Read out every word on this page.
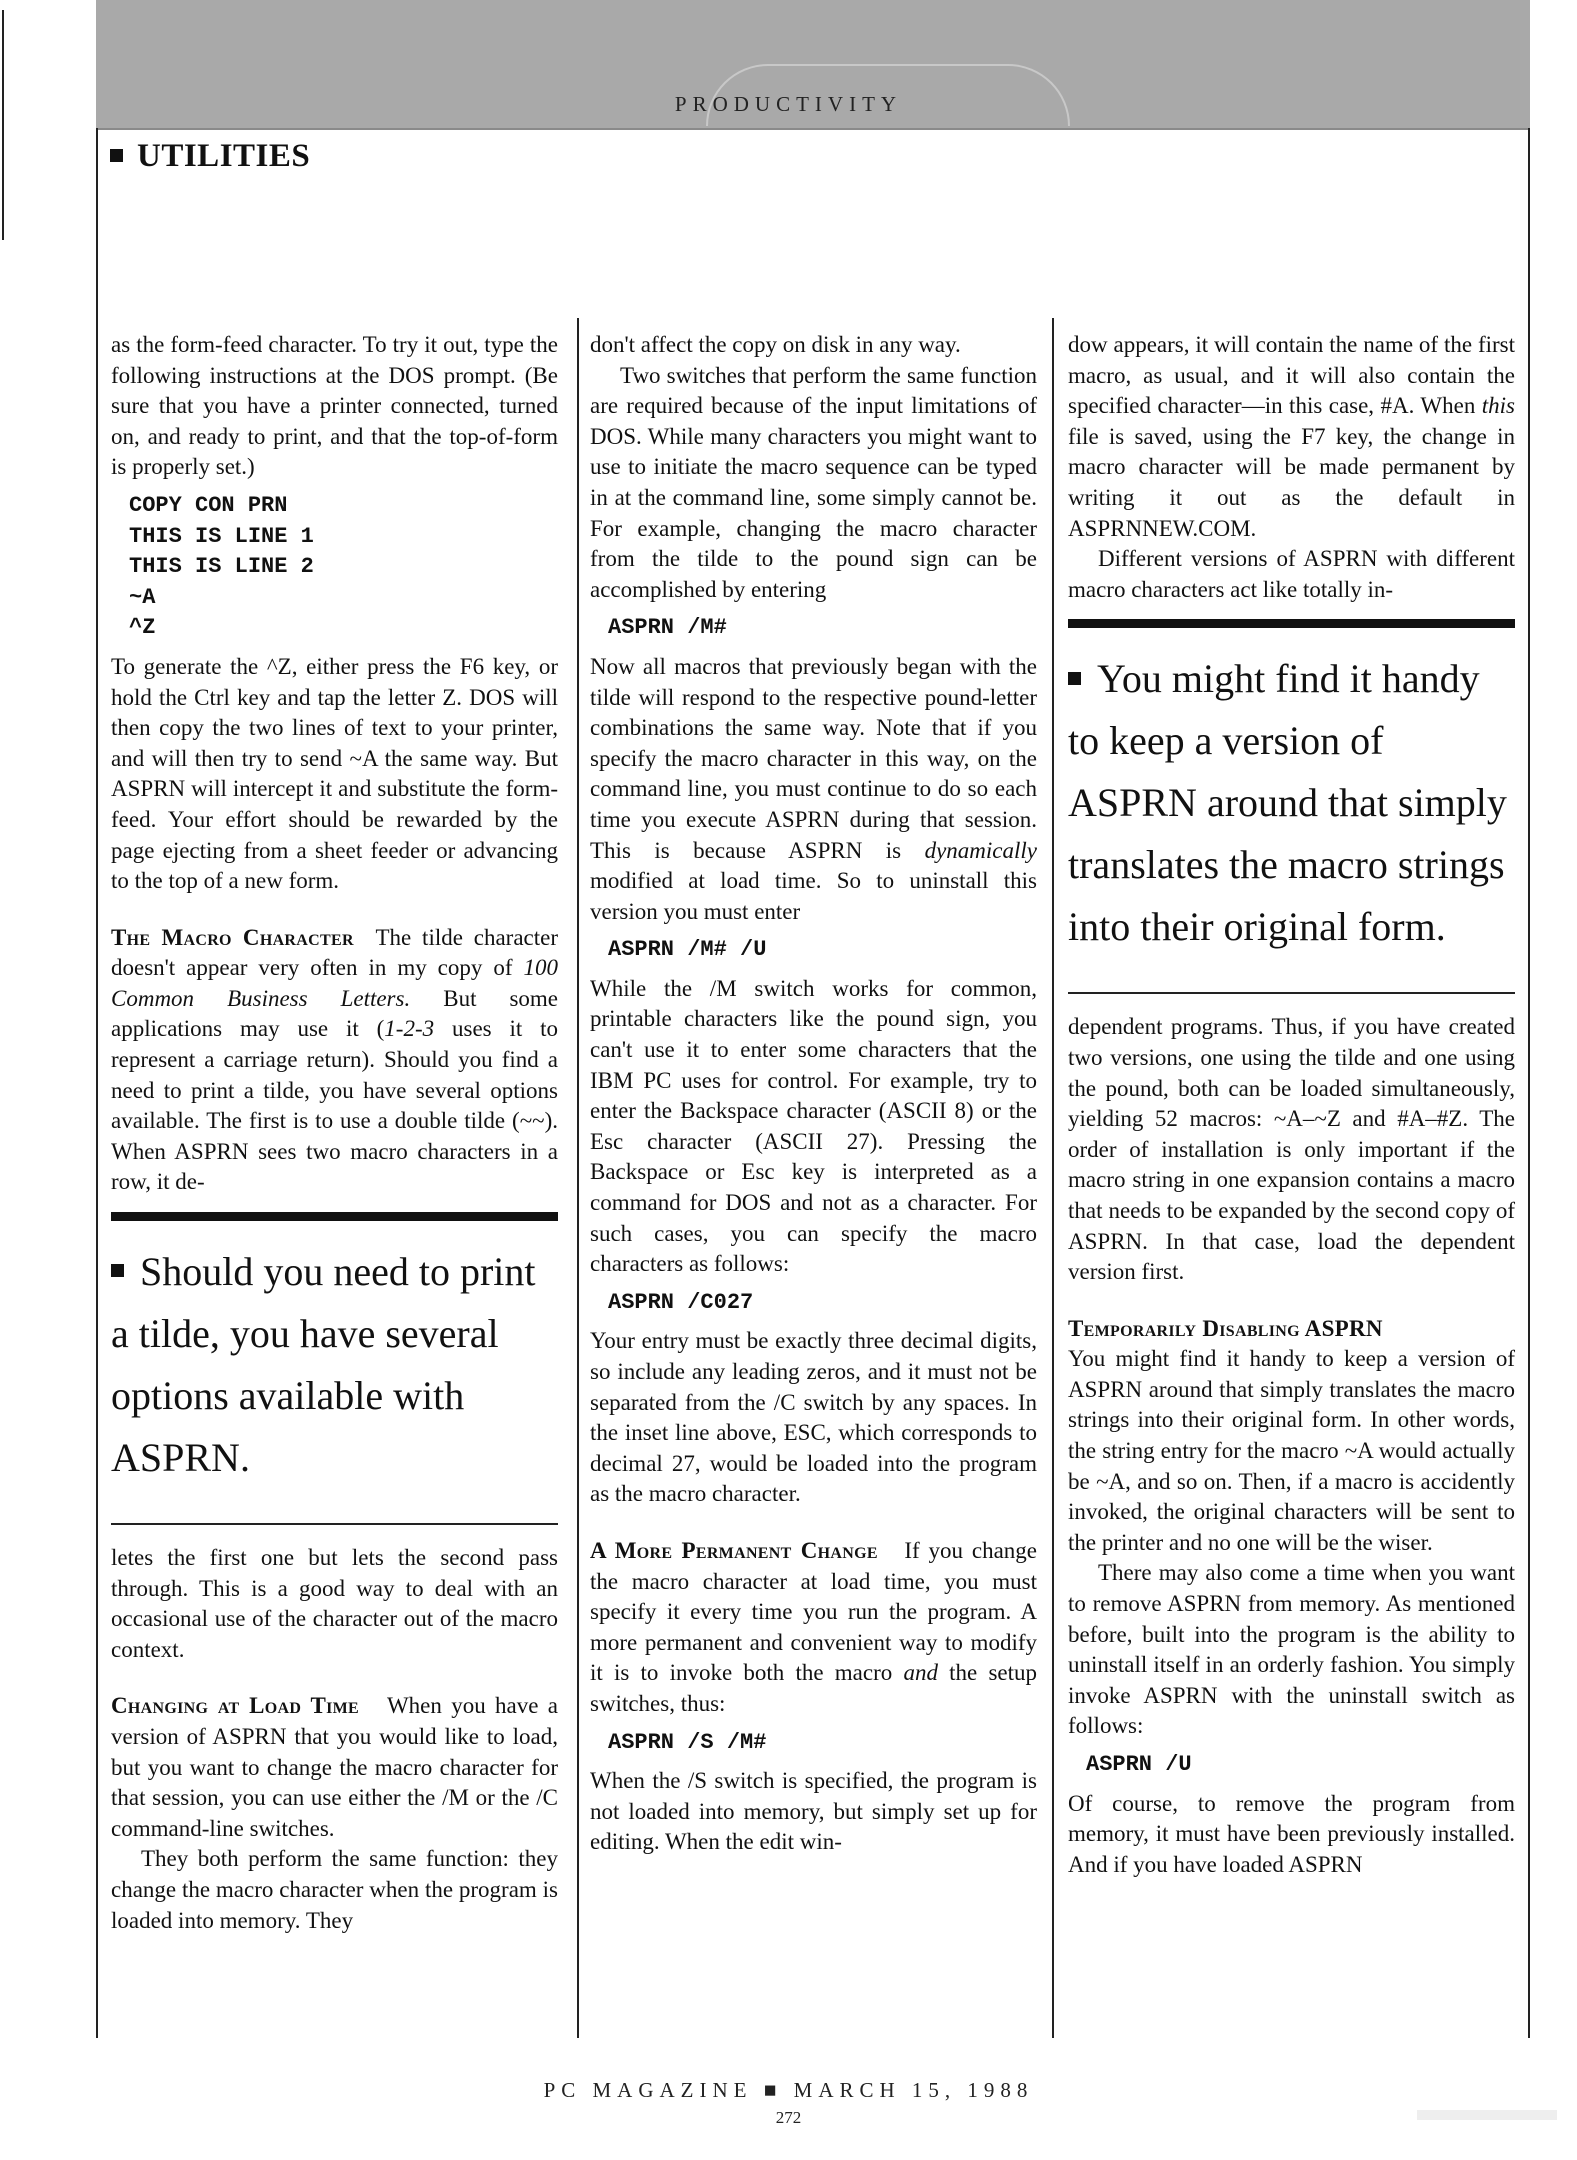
PRODUCTIVITY
UTILITIES

as the form-feed character. To try it out, type the following instructions at the DOS prompt. (Be sure that you have a printer connected, turned on, and ready to print, and that the top-of-form is properly set.)

COPY CON PRN
THIS IS LINE 1
THIS IS LINE 2
~A
^Z

To generate the ^Z, either press the F6 key, or hold the Ctrl key and tap the letter Z. DOS will then copy the two lines of text to your printer, and will then try to send ~A the same way. But ASPRN will intercept it and substitute the form-feed. Your effort should be rewarded by the page ejecting from a sheet feeder or advancing to the top of a new form.

The Macro Character The tilde character doesn't appear very often in my copy of 100 Common Business Letters. But some applications may use it (1-2-3 uses it to represent a carriage return). Should you find a need to print a tilde, you have several options available. The first is to use a double tilde (~~). When ASPRN sees two macro characters in a row, it de-

Should you need to print a tilde, you have several options available with ASPRN.

letes the first one but lets the second pass through. This is a good way to deal with an occasional use of the character out of the macro context.

Changing at Load Time When you have a version of ASPRN that you would like to load, but you want to change the macro character for that session, you can use either the /M or the /C command-line switches.

They both perform the same function: they change the macro character when the program is loaded into memory. They

don't affect the copy on disk in any way.

Two switches that perform the same function are required because of the input limitations of DOS. While many characters you might want to use to initiate the macro sequence can be typed in at the command line, some simply cannot be. For example, changing the macro character from the tilde to the pound sign can be accomplished by entering

ASPRN /M#

Now all macros that previously began with the tilde will respond to the respective pound-letter combinations the same way. Note that if you specify the macro character in this way, on the command line, you must continue to do so each time you execute ASPRN during that session. This is because ASPRN is dynamically modified at load time. So to uninstall this version you must enter

ASPRN /M# /U

While the /M switch works for common, printable characters like the pound sign, you can't use it to enter some characters that the IBM PC uses for control. For example, try to enter the Backspace character (ASCII 8) or the Esc character (ASCII 27). Pressing the Backspace or Esc key is interpreted as a command for DOS and not as a character. For such cases, you can specify the macro characters as follows:

ASPRN /C027

Your entry must be exactly three decimal digits, so include any leading zeros, and it must not be separated from the /C switch by any spaces. In the inset line above, ESC, which corresponds to decimal 27, would be loaded into the program as the macro character.

A More Permanent Change If you change the macro character at load time, you must specify it every time you run the program. A more permanent and convenient way to modify it is to invoke both the macro and the setup switches, thus:

ASPRN /S /M#

When the /S switch is specified, the program is not loaded into memory, but simply set up for editing. When the edit win-

dow appears, it will contain the name of the first macro, as usual, and it will also contain the specified character—in this case, #A. When this file is saved, using the F7 key, the change in macro character will be made permanent by writing it out as the default in ASPRNNEW.COM.

Different versions of ASPRN with different macro characters act like totally in-

You might find it handy to keep a version of ASPRN around that simply translates the macro strings into their original form.

dependent programs. Thus, if you have created two versions, one using the tilde and one using the pound, both can be loaded simultaneously, yielding 52 macros: ~A–~Z and #A–#Z. The order of installation is only important if the macro string in one expansion contains a macro that needs to be expanded by the second copy of ASPRN. In that case, load the dependent version first.

Temporarily Disabling ASPRN

You might find it handy to keep a version of ASPRN around that simply translates the macro strings into their original form. In other words, the string entry for the macro ~A would actually be ~A, and so on. Then, if a macro is accidently invoked, the original characters will be sent to the printer and no one will be the wiser.

There may also come a time when you want to remove ASPRN from memory. As mentioned before, built into the program is the ability to uninstall itself in an orderly fashion. You simply invoke ASPRN with the uninstall switch as follows:

ASPRN /U

Of course, to remove the program from memory, it must have been previously installed. And if you have loaded ASPRN

PC MAGAZINE ■ MARCH 15, 1988
272
